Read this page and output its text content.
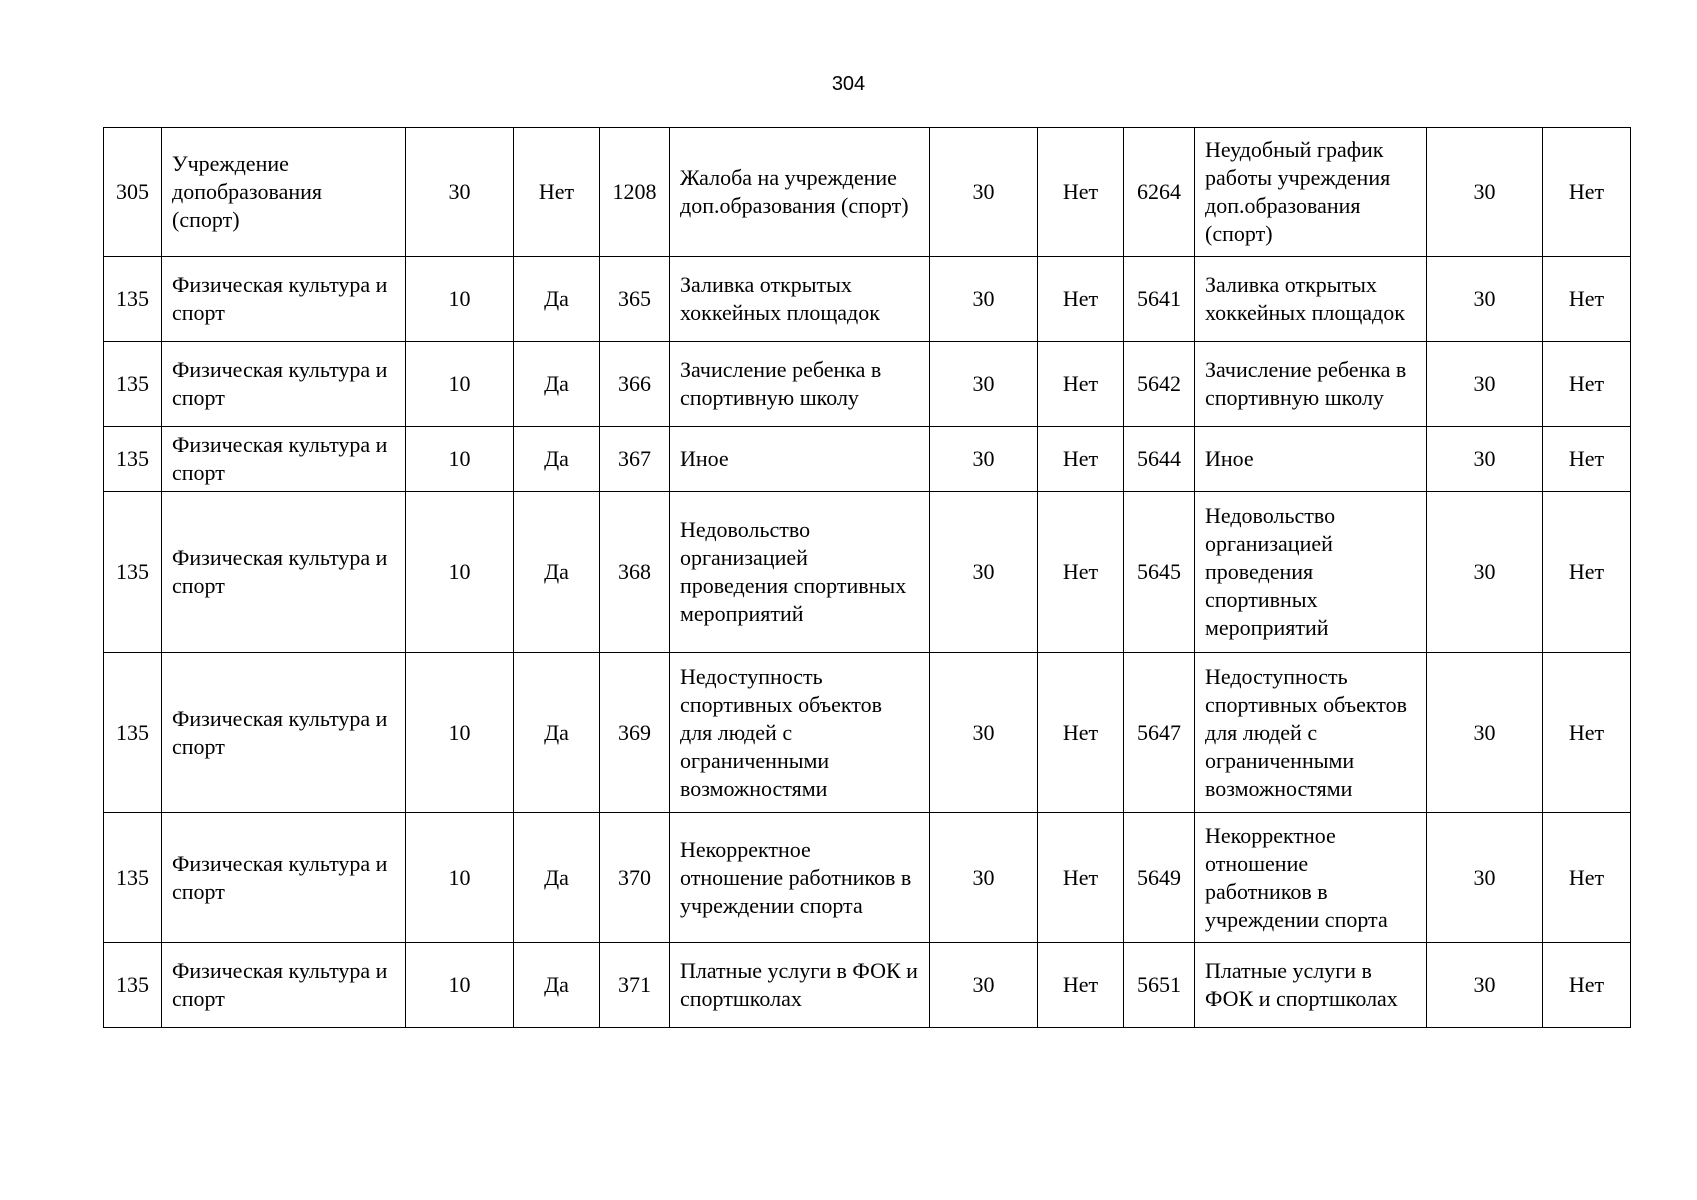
304
305	Учреждение допобразования (спорт)	30	Нет	1208	Жалоба на учреждение доп.образования (спорт)	30	Нет	6264	Неудобный график работы учреждения доп.образования (спорт)	30	Нет
135	Физическая культура и спорт	10	Да	365	Заливка открытых хоккейных площадок	30	Нет	5641	Заливка открытых хоккейных площадок	30	Нет
135	Физическая культура и спорт	10	Да	366	Зачисление ребенка в спортивную школу	30	Нет	5642	Зачисление ребенка в спортивную школу	30	Нет
135	Физическая культура и спорт	10	Да	367	Иное	30	Нет	5644	Иное	30	Нет
135	Физическая культура и спорт	10	Да	368	Недовольство организацией проведения спортивных мероприятий	30	Нет	5645	Недовольство организацией проведения спортивных мероприятий	30	Нет
135	Физическая культура и спорт	10	Да	369	Недоступность спортивных объектов для людей с ограниченными возможностями	30	Нет	5647	Недоступность спортивных объектов для людей с ограниченными возможностями	30	Нет
135	Физическая культура и спорт	10	Да	370	Некорректное отношение работников в учреждении спорта	30	Нет	5649	Некорректное отношение работников в учреждении спорта	30	Нет
135	Физическая культура и спорт	10	Да	371	Платные услуги в ФОК и спортшколах	30	Нет	5651	Платные услуги в ФОК и спортшколах	30	Нет
